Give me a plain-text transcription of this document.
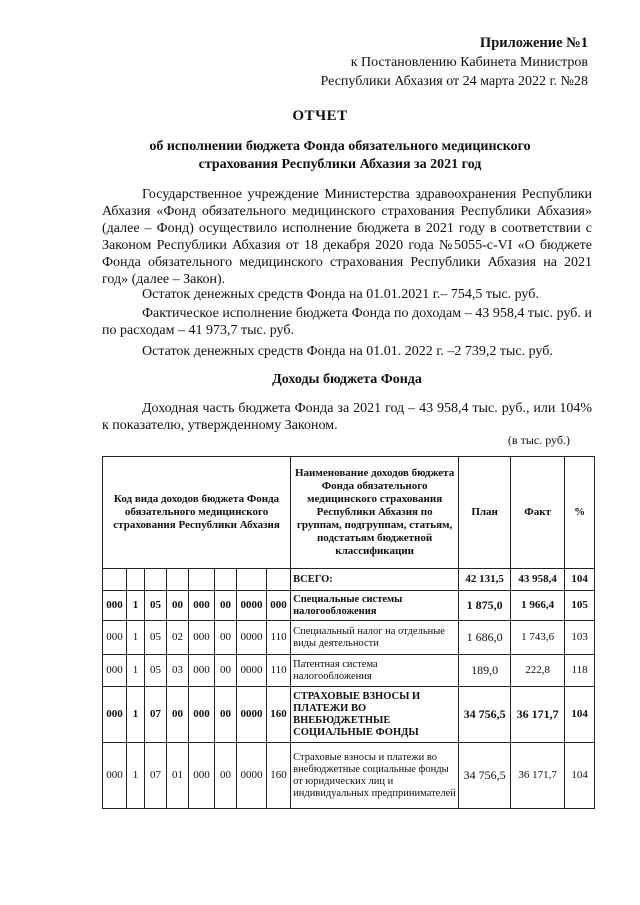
Приложение №1
к Постановлению Кабинета Министров
Республики Абхазия от 24 марта 2022 г. №28
ОТЧЕТ
об исполнении бюджета Фонда обязательного медицинского страхования Республики Абхазия за 2021 год
Государственное учреждение Министерства здравоохранения Республики Абхазия «Фонд обязательного медицинского страхования Республики Абхазия» (далее – Фонд) осуществило исполнение бюджета в 2021 году в соответствии с Законом Республики Абхазия от 18 декабря 2020 года №5055-с-VI «О бюджете Фонда обязательного медицинского страхования Республики Абхазия на 2021 год» (далее – Закон).
Остаток денежных средств Фонда на 01.01.2021 г.– 754,5 тыс. руб.
Фактическое исполнение бюджета Фонда по доходам – 43 958,4 тыс. руб. и по расходам – 41 973,7 тыс. руб.
Остаток денежных средств Фонда на 01.01. 2022 г. –2 739,2 тыс. руб.
Доходы бюджета Фонда
Доходная часть бюджета Фонда за 2021 год – 43 958,4 тыс. руб., или 104% к показателю, утвержденному Законом.
(в тыс. руб.)
Код вида доходов бюджета Фонда обязательного медицинского страхования Республики Абхазия								Наименование доходов бюджета Фонда обязательного медицинского страхования Республики Абхазия по группам, подгруппам, статьям, подстатьям бюджетной классификации	План	Факт	%
								ВСЕГО:	42 131,5	43 958,4	104
000	1	05	00	000	00	0000	000	Специальные системы налогообложения	1 875,0	1 966,4	105
000	1	05	02	000	00	0000	110	Специальный налог на отдельные виды деятельности	1 686,0	1 743,6	103
000	1	05	03	000	00	0000	110	Патентная система налогообложения	189,0	222,8	118
000	1	07	00	000	00	0000	160	СТРАХОВЫЕ ВЗНОСЫ И ПЛАТЕЖИ ВО ВНЕБЮДЖЕТНЫЕ СОЦИАЛЬНЫЕ ФОНДЫ	34 756,5	36 171,7	104
000	1	07	01	000	00	0000	160	Страховые взносы и платежи во внебюджетные социальные фонды от юридических лиц и индивидуальных предпринимателей	34 756,5	36 171,7	104
